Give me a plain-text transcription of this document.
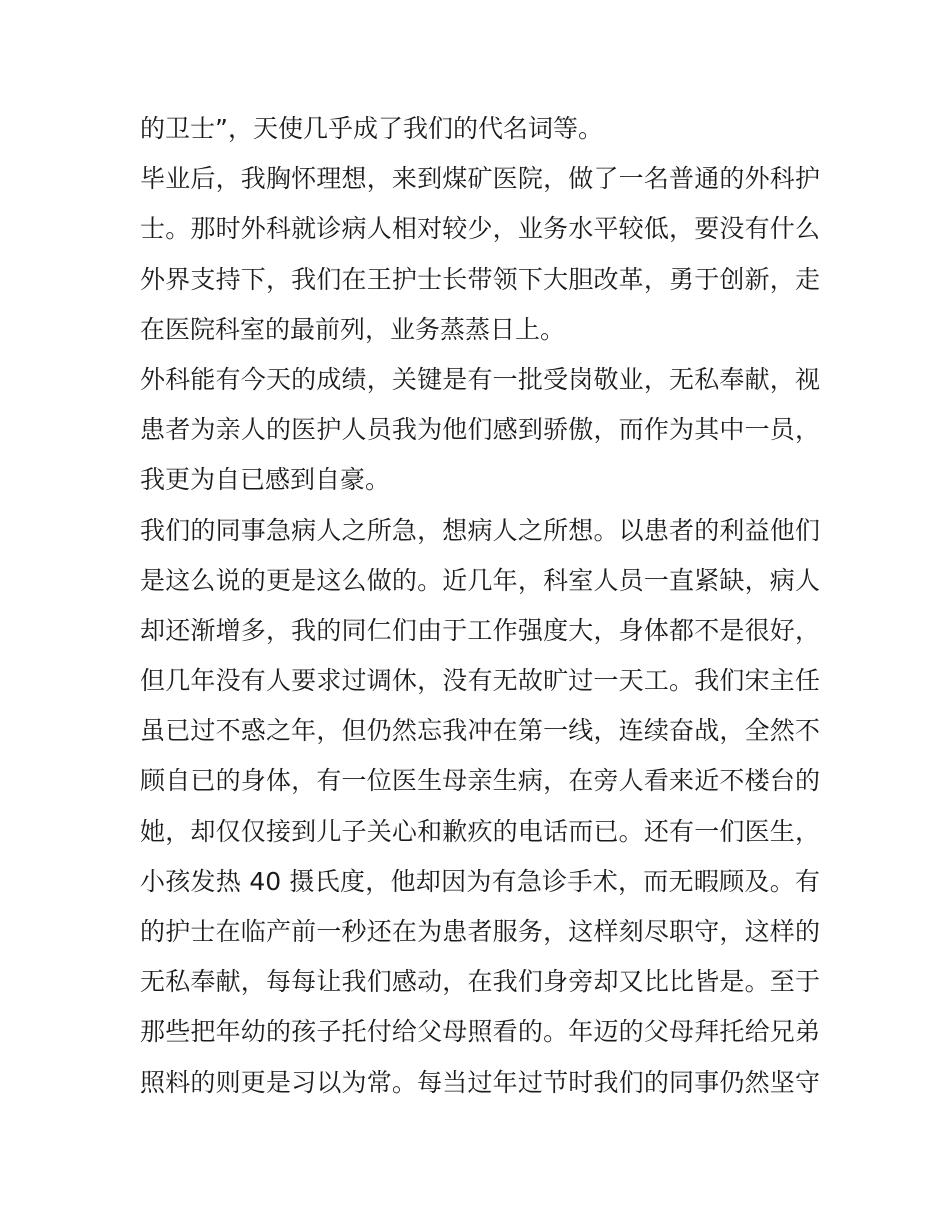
的卫士”，天使几乎成了我们的代名词等。
毕业后，我胸怀理想，来到煤矿医院，做了一名普通的外科护
士。那时外科就诊病人相对较少，业务水平较低，要没有什么
外界支持下，我们在王护士长带领下大胆改革，勇于创新，走
在医院科室的最前列，业务蒸蒸日上。
外科能有今天的成绩，关键是有一批受岗敬业，无私奉献，视
患者为亲人的医护人员我为他们感到骄傲，而作为其中一员，
我更为自已感到自豪。
我们的同事急病人之所急，想病人之所想。以患者的利益他们
是这么说的更是这么做的。近几年，科室人员一直紧缺，病人
却还渐增多，我的同仁们由于工作强度大，身体都不是很好，
但几年没有人要求过调休，没有无故旷过一天工。我们宋主任
虽已过不惑之年，但仍然忘我冲在第一线，连续奋战，全然不
顾自已的身体，有一位医生母亲生病，在旁人看来近不楼台的
她，却仅仅接到儿子关心和歉疚的电话而已。还有一们医生，
小孩发热 40 摄氏度，他却因为有急诊手术，而无暇顾及。有
的护士在临产前一秒还在为患者服务，这样刻尽职守，这样的
无私奉献，每每让我们感动，在我们身旁却又比比皆是。至于
那些把年幼的孩子托付给父母照看的。年迈的父母拜托给兄弟
照料的则更是习以为常。每当过年过节时我们的同事仍然坚守
